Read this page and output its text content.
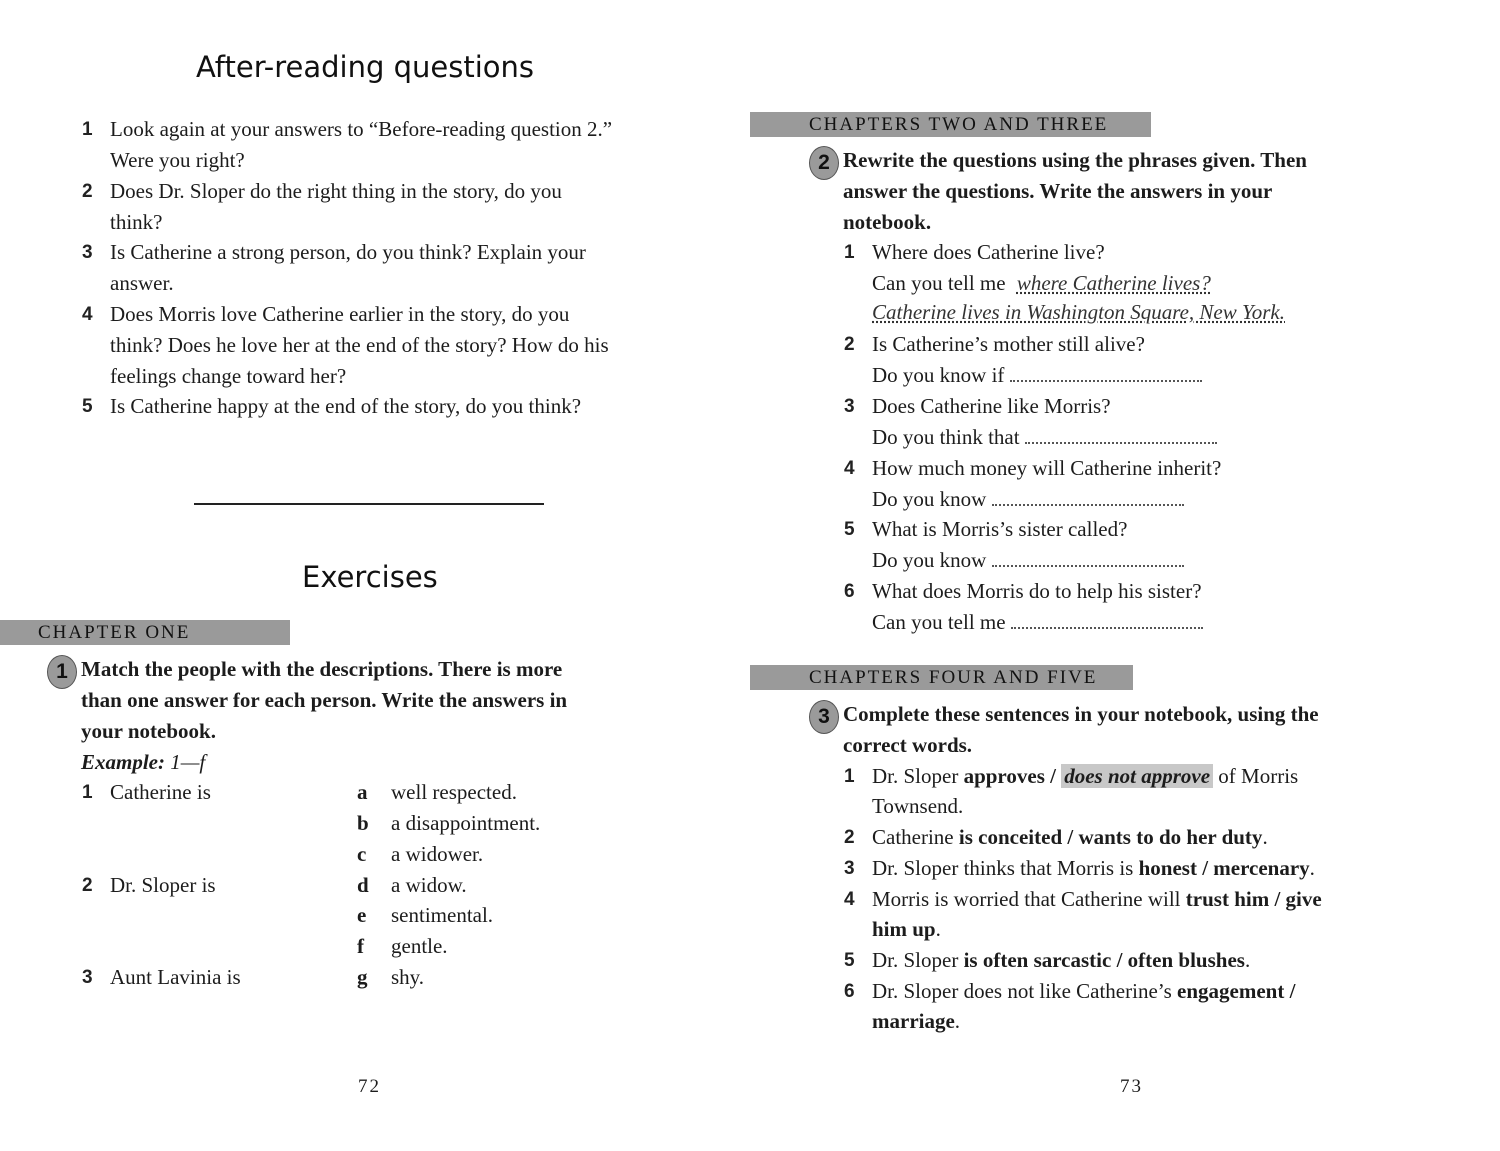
After-reading questions
1 Look again at your answers to “Before-reading question 2.”
Were you right?
2 Does Dr. Sloper do the right thing in the story, do you
think?
3 Is Catherine a strong person, do you think? Explain your
answer.
4 Does Morris love Catherine earlier in the story, do you
think? Does he love her at the end of the story? How do his
feelings change toward her?
5 Is Catherine happy at the end of the story, do you think?
Exercises
CHAPTER ONE
1 Match the people with the descriptions. There is more
than one answer for each person. Write the answers in
your notebook.
Example: 1—f
1 Catherine is
2 Dr. Sloper is
3 Aunt Lavinia is
a well respected.
b a disappointment.
c a widower.
d a widow.
e sentimental.
f gentle.
g shy.
72
CHAPTERS TWO AND THREE
2 Rewrite the questions using the phrases given. Then
answer the questions. Write the answers in your
notebook.
1 Where does Catherine live?
Can you tell me where Catherine lives?
Catherine lives in Washington Square, New York.
2 Is Catherine’s mother still alive?
Do you know if
3 Does Catherine like Morris?
Do you think that
4 How much money will Catherine inherit?
Do you know
5 What is Morris’s sister called?
Do you know
6 What does Morris do to help his sister?
Can you tell me
CHAPTERS FOUR AND FIVE
3 Complete these sentences in your notebook, using the
correct words.
1 Dr. Sloper approves / does not approve of Morris
Townsend.
2 Catherine is conceited / wants to do her duty.
3 Dr. Sloper thinks that Morris is honest / mercenary.
4 Morris is worried that Catherine will trust him / give
him up.
5 Dr. Sloper is often sarcastic / often blushes.
6 Dr. Sloper does not like Catherine’s engagement /
marriage.
73
